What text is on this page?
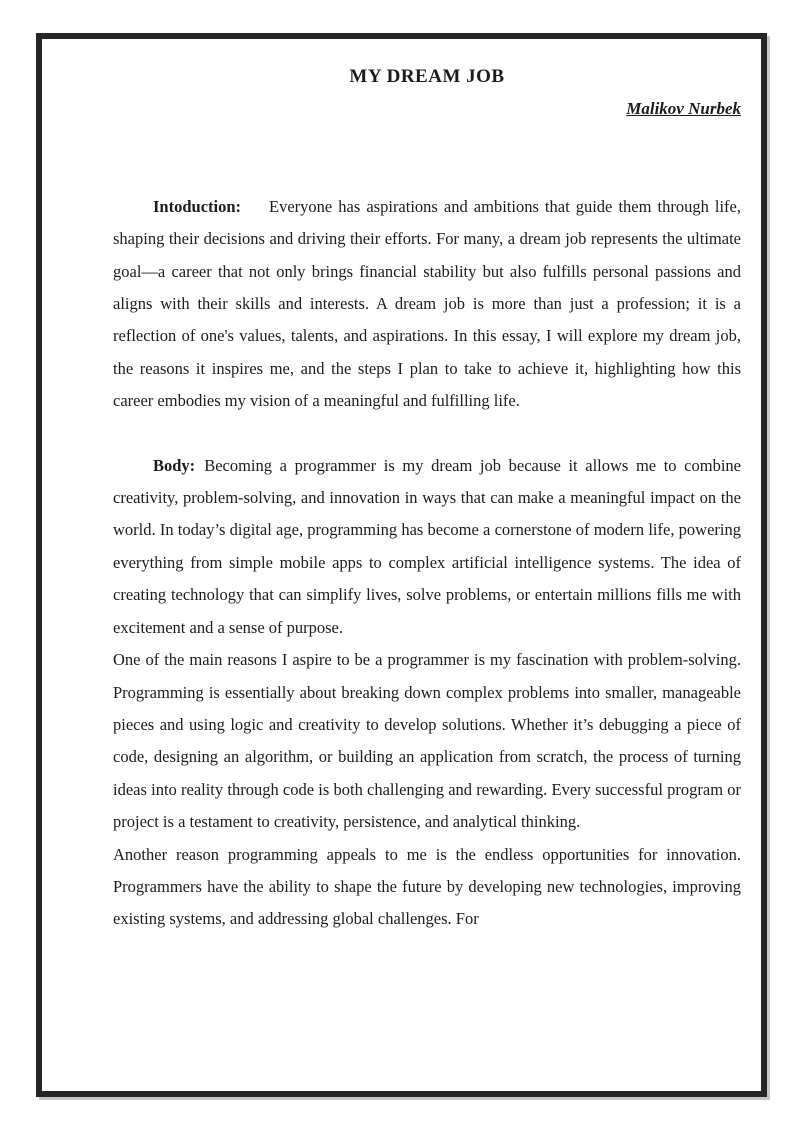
MY DREAM JOB
Malikov Nurbek

Intoduction: Everyone has aspirations and ambitions that guide them through life, shaping their decisions and driving their efforts. For many, a dream job represents the ultimate goal—a career that not only brings financial stability but also fulfills personal passions and aligns with their skills and interests. A dream job is more than just a profession; it is a reflection of one's values, talents, and aspirations. In this essay, I will explore my dream job, the reasons it inspires me, and the steps I plan to take to achieve it, highlighting how this career embodies my vision of a meaningful and fulfilling life.

Body: Becoming a programmer is my dream job because it allows me to combine creativity, problem-solving, and innovation in ways that can make a meaningful impact on the world. In today’s digital age, programming has become a cornerstone of modern life, powering everything from simple mobile apps to complex artificial intelligence systems. The idea of creating technology that can simplify lives, solve problems, or entertain millions fills me with excitement and a sense of purpose.

One of the main reasons I aspire to be a programmer is my fascination with problem-solving. Programming is essentially about breaking down complex problems into smaller, manageable pieces and using logic and creativity to develop solutions. Whether it’s debugging a piece of code, designing an algorithm, or building an application from scratch, the process of turning ideas into reality through code is both challenging and rewarding. Every successful program or project is a testament to creativity, persistence, and analytical thinking.

Another reason programming appeals to me is the endless opportunities for innovation. Programmers have the ability to shape the future by developing new technologies, improving existing systems, and addressing global challenges. For
